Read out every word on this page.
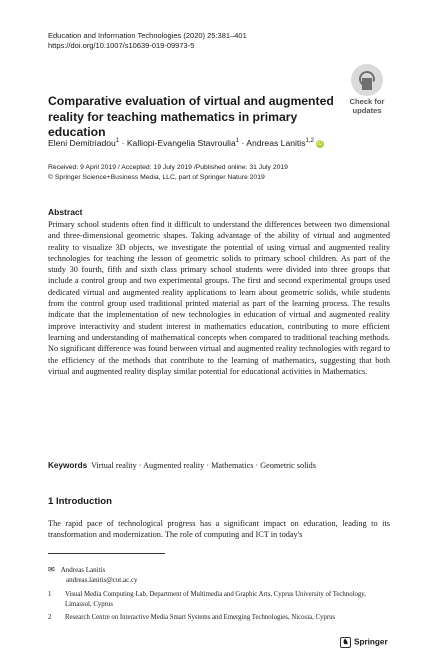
Education and Information Technologies (2020) 25:381–401
https://doi.org/10.1007/s10639-019-09973-5
Check for
updates
Comparative evaluation of virtual and augmented reality for teaching mathematics in primary education
Eleni Demitriadou$^1$ · Kalliopi-Evangelia Stavroulia$^1$ · Andreas Lanitis$^{1,2}$ iD
Received: 9 April 2019 / Accepted: 19 July 2019 /Published online: 31 July 2019
© Springer Science+Business Media, LLC, part of Springer Nature 2019
Abstract
Primary school students often find it difficult to understand the differences between two dimensional and three-dimensional geometric shapes. Taking advantage of the ability of virtual and augmented reality to visualize 3D objects, we investigate the potential of using virtual and augmented reality technologies for teaching the lesson of geometric solids to primary school children. As part of the study 30 fourth, fifth and sixth class primary school students were divided into three groups that include a control group and two experimental groups. The first and second experimental groups used dedicated virtual and augmented reality applications to learn about geometric solids, while students from the control group used traditional printed material as part of the learning process. The results indicate that the implementation of new technologies in education of virtual and augmented reality improve interactivity and student interest in mathematics education, contributing to more efficient learning and understanding of mathematical concepts when compared to traditional teaching methods. No significant difference was found between virtual and augmented reality technologies with regard to the efficiency of the methods that contribute to the learning of mathematics, suggesting that both virtual and augmented reality display similar potential for educational activities in Mathematics.
Keywords Virtual reality · Augmented reality · Mathematics · Geometric solids
1 Introduction
The rapid pace of technological progress has a significant impact on education, leading to its transformation and modernization. The role of computing and ICT in today's
✉ Andreas Lanitis
andreas.lanitis@cut.ac.cy
1	Visual Media Computing Lab, Department of Multimedia and Graphic Arts, Cyprus University of Technology, Limassol, Cyprus
2	Research Centre on Interactive Media Smart Systems and Emerging Technologies, Nicosia, Cyprus
♞ Springer
